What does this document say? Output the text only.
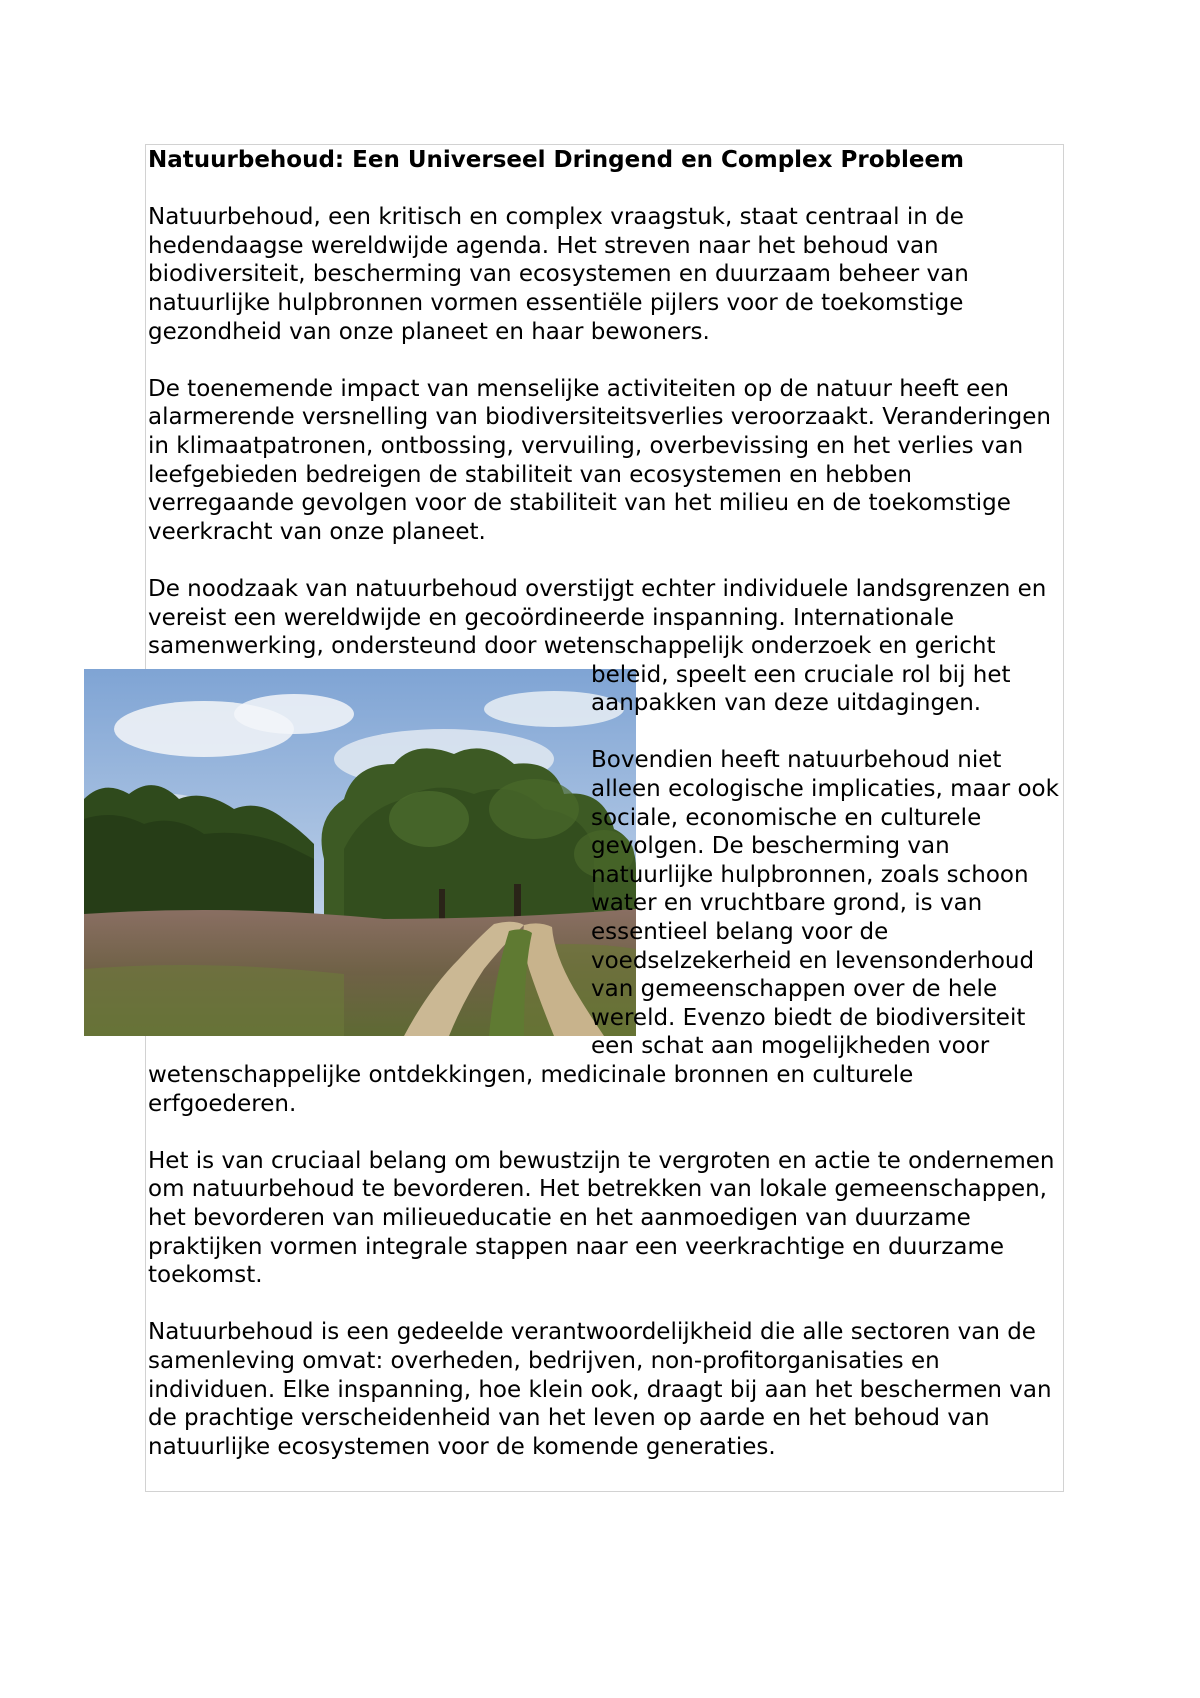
Natuurbehoud: Een Universeel Dringend en Complex Probleem

Natuurbehoud, een kritisch en complex vraagstuk, staat centraal in de hedendaagse wereldwijde agenda. Het streven naar het behoud van biodiversiteit, bescherming van ecosystemen en duurzaam beheer van natuurlijke hulpbronnen vormen essentiële pijlers voor de toekomstige gezondheid van onze planeet en haar bewoners.

De toenemende impact van menselijke activiteiten op de natuur heeft een alarmerende versnelling van biodiversiteitsverlies veroorzaakt. Veranderingen in klimaatpatronen, ontbossing, vervuiling, overbevissing en het verlies van leefgebieden bedreigen de stabiliteit van ecosystemen en hebben verregaande gevolgen voor de stabiliteit van het milieu en de toekomstige veerkracht van onze planeet.

De noodzaak van natuurbehoud overstijgt echter individuele landsgrenzen en vereist een wereldwijde en gecoördineerde inspanning. Internationale samenwerking, ondersteund door wetenschappelijk onderzoek en gericht beleid, speelt een cruciale rol bij het aanpakken van deze uitdagingen.

Bovendien heeft natuurbehoud niet alleen ecologische implicaties, maar ook sociale, economische en culturele gevolgen. De bescherming van natuurlijke hulpbronnen, zoals schoon water en vruchtbare grond, is van essentieel belang voor de voedselzekerheid en levensonderhoud van gemeenschappen over de hele wereld. Evenzo biedt de biodiversiteit een schat aan mogelijkheden voor wetenschappelijke ontdekkingen, medicinale bronnen en culturele erfgoederen.

Het is van cruciaal belang om bewustzijn te vergroten en actie te ondernemen om natuurbehoud te bevorderen. Het betrekken van lokale gemeenschappen, het bevorderen van milieueducatie en het aanmoedigen van duurzame praktijken vormen integrale stappen naar een veerkrachtige en duurzame toekomst.

Natuurbehoud is een gedeelde verantwoordelijkheid die alle sectoren van de samenleving omvat: overheden, bedrijven, non-profitorganisaties en individuen. Elke inspanning, hoe klein ook, draagt bij aan het beschermen van de prachtige verscheidenheid van het leven op aarde en het behoud van natuurlijke ecosystemen voor de komende generaties.
